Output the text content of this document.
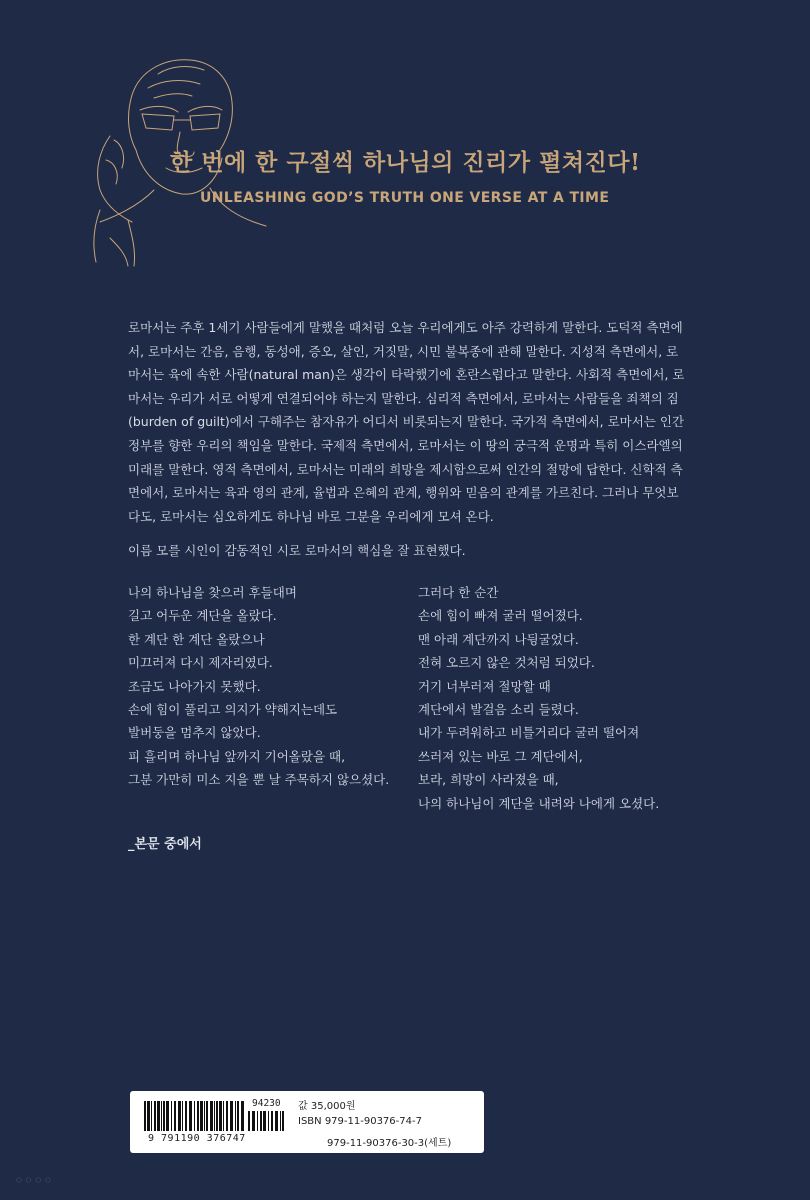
한 번에 한 구절씩 하나님의 진리가 펼쳐진다!
UNLEASHING GOD’S TRUTH ONE VERSE AT A TIME
로마서는 주후 1세기 사람들에게 말했을 때처럼 오늘 우리에게도 아주 강력하게 말한다. 도덕적 측면에
서, 로마서는 간음, 음행, 동성애, 증오, 살인, 거짓말, 시민 불복종에 관해 말한다. 지성적 측면에서, 로
마서는 육에 속한 사람(natural man)은 생각이 타락했기에 혼란스럽다고 말한다. 사회적 측면에서, 로
마서는 우리가 서로 어떻게 연결되어야 하는지 말한다. 심리적 측면에서, 로마서는 사람들을 죄책의 짐
(burden of guilt)에서 구해주는 참자유가 어디서 비롯되는지 말한다. 국가적 측면에서, 로마서는 인간
정부를 향한 우리의 책임을 말한다. 국제적 측면에서, 로마서는 이 땅의 궁극적 운명과 특히 이스라엘의
미래를 말한다. 영적 측면에서, 로마서는 미래의 희망을 제시함으로써 인간의 절망에 답한다. 신학적 측
면에서, 로마서는 육과 영의 관계, 율법과 은혜의 관계, 행위와 믿음의 관계를 가르친다. 그러나 무엇보
다도, 로마서는 심오하게도 하나님 바로 그분을 우리에게 모셔 온다.
이름 모를 시인이 감동적인 시로 로마서의 핵심을 잘 표현했다.
나의 하나님을 찾으러 후들대며
길고 어두운 계단을 올랐다.
한 계단 한 계단 올랐으나
미끄러져 다시 제자리였다.
조금도 나아가지 못했다.
손에 힘이 풀리고 의지가 약해지는데도
발버둥을 멈추지 않았다.
피 흘리며 하나님 앞까지 기어올랐을 때,
그분 가만히 미소 지을 뿐 날 주목하지 않으셨다.
그러다 한 순간
손에 힘이 빠져 굴러 떨어졌다.
맨 아래 계단까지 나뒹굴었다.
전혀 오르지 않은 것처럼 되었다.
거기 너부러져 절망할 때
계단에서 발걸음 소리 들렸다.
내가 두려워하고 비틀거리다 굴러 떨어져
쓰러져 있는 바로 그 계단에서,
보라, 희망이 사라졌을 때,
나의 하나님이 계단을 내려와 나에게 오셨다.
_본문 중에서
94230
9 791190 376747
값 35,000원
ISBN 979-11-90376-74-7
979-11-90376-30-3(세트)
ㅇㅇㅇㅇ
